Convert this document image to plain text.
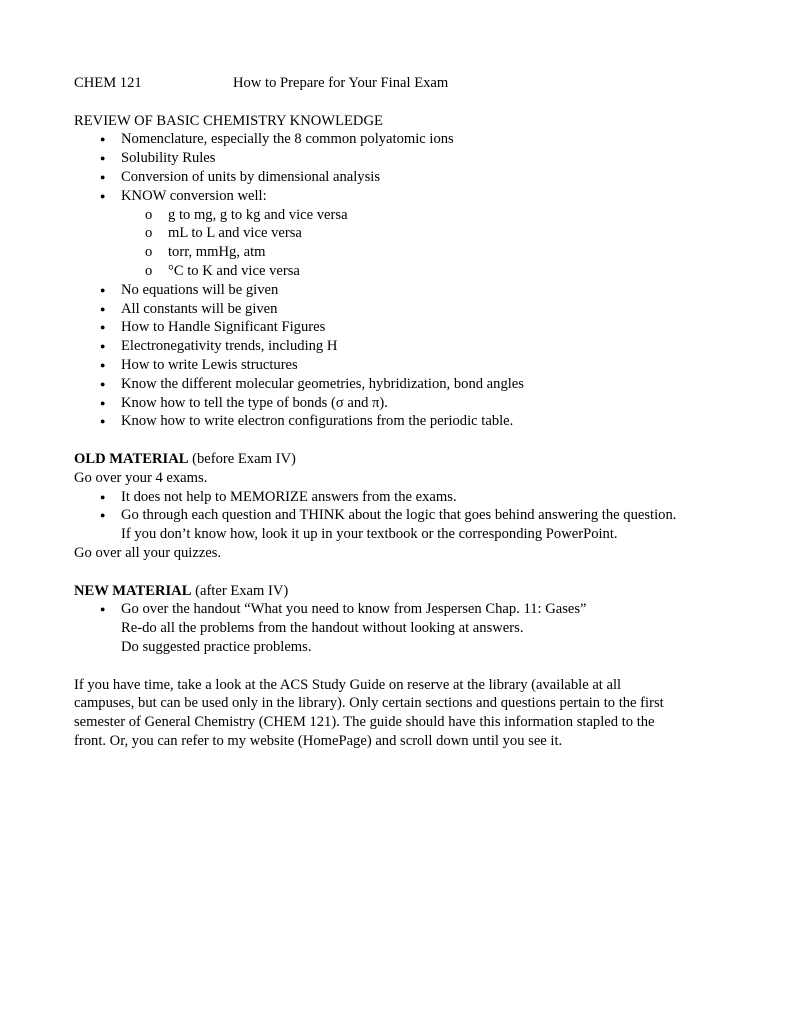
CHEM 121	How to Prepare for Your Final Exam
REVIEW OF BASIC CHEMISTRY KNOWLEDGE
● Nomenclature, especially the 8 common polyatomic ions
● Solubility Rules
● Conversion of units by dimensional analysis
● KNOW conversion well:
o g to mg, g to kg and vice versa
o mL to L and vice versa
o torr, mmHg, atm
o °C to K and vice versa
● No equations will be given
● All constants will be given
● How to Handle Significant Figures
● Electronegativity trends, including H
● How to write Lewis structures
● Know the different molecular geometries, hybridization, bond angles
● Know how to tell the type of bonds (σ and π).
● Know how to write electron configurations from the periodic table.
OLD MATERIAL (before Exam IV)
Go over your 4 exams.
● It does not help to MEMORIZE answers from the exams.
● Go through each question and THINK about the logic that goes behind answering the question.
If you don’t know how, look it up in your textbook or the corresponding PowerPoint.
Go over all your quizzes.
NEW MATERIAL (after Exam IV)
● Go over the handout “What you need to know from Jespersen Chap. 11: Gases”
Re-do all the problems from the handout without looking at answers.
Do suggested practice problems.
If you have time, take a look at the ACS Study Guide on reserve at the library (available at all
campuses, but can be used only in the library). Only certain sections and questions pertain to the first
semester of General Chemistry (CHEM 121). The guide should have this information stapled to the
front. Or, you can refer to my website (HomePage) and scroll down until you see it.
